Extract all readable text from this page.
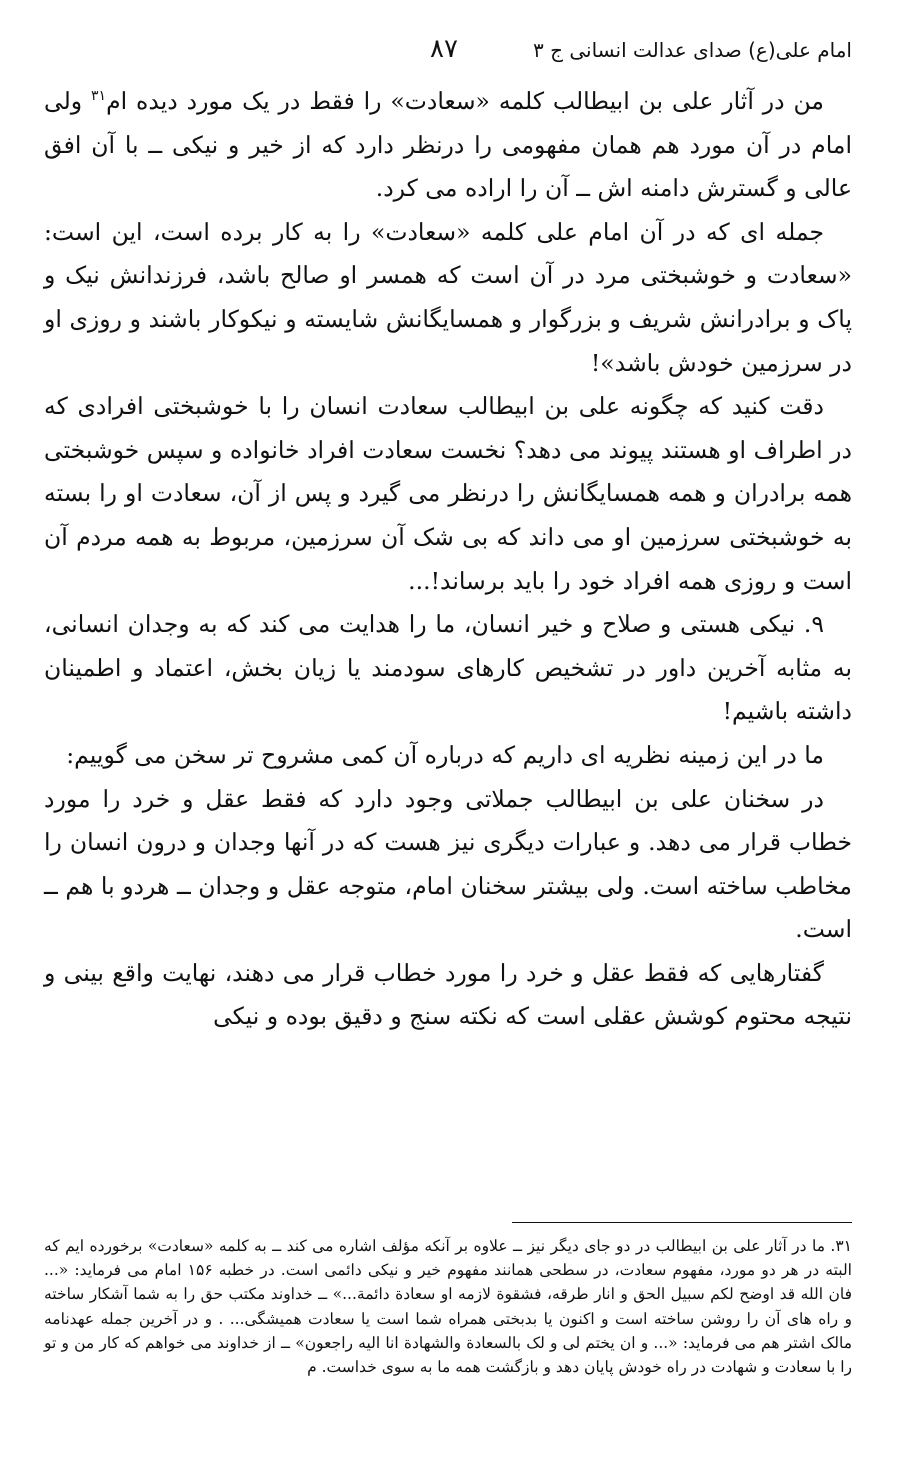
امام علی(ع) صدای عدالت انسانی ج ۳
۸۷

من در آثار علی بن ابیطالب کلمه «سعادت» را فقط در یک مورد دیده ام$^{۳۱}$ ولی امام در آن مورد هم همان مفهومی را درنظر دارد که از خیر و نیکی ــ با آن افق عالی و گسترش دامنه اش ــ آن را اراده می کرد.

جمله ای که در آن امام علی کلمه «سعادت» را به کار برده است، این است: «سعادت و خوشبختی مرد در آن است که همسر او صالح باشد، فرزندانش نیک و پاک و برادرانش شریف و بزرگوار و همسایگانش شایسته و نیکوکار باشند و روزی او در سرزمین خودش باشد»!

دقت کنید که چگونه علی بن ابیطالب سعادت انسان را با خوشبختی افرادی که در اطراف او هستند پیوند می دهد؟ نخست سعادت افراد خانواده و سپس خوشبختی همه برادران و همه همسایگانش را درنظر می گیرد و پس از آن، سعادت او را بسته به خوشبختی سرزمین او می داند که بی شک آن سرزمین، مربوط به همه مردم آن است و روزی همه افراد خود را باید برساند!...

۹. نیکی هستی و صلاح و خیر انسان، ما را هدایت می کند که به وجدان انسانی، به مثابه آخرین داور در تشخیص کارهای سودمند یا زیان بخش، اعتماد و اطمینان داشته باشیم!

ما در این زمینه نظریه ای داریم که درباره آن کمی مشروح تر سخن می گوییم:

در سخنان علی بن ابیطالب جملاتی وجود دارد که فقط عقل و خرد را مورد خطاب قرار می دهد. و عبارات دیگری نیز هست که در آنها وجدان و درون انسان را مخاطب ساخته است. ولی بیشتر سخنان امام، متوجه عقل و وجدان ــ هردو با هم ــ است.

گفتارهایی که فقط عقل و خرد را مورد خطاب قرار می دهند، نهایت واقع بینی و نتیجه محتوم کوشش عقلی است که نکته سنج و دقیق بوده و نیکی

۳۱. ما در آثار علی بن ابیطالب در دو جای دیگر نیز ــ علاوه بر آنکه مؤلف اشاره می کند ــ به کلمه «سعادت» برخورده ایم که البته در هر دو مورد، مفهوم سعادت، در سطحی همانند مفهوم خیر و نیکی دائمی است. در خطبه ۱۵۶ امام می فرماید: «... فان الله قد اوضح لکم سبیل الحق و انار طرقه، فشقوة لازمه او سعادة دائمة...» ــ خداوند مکتب حق را به شما آشکار ساخته و راه های آن را روشن ساخته است و اکنون یا بدبختی همراه شما است یا سعادت همیشگی... . و در آخرین جمله عهدنامه مالک اشتر هم می فرماید: «... و ان یختم لی و لک بالسعادة والشهادة انا الیه راجعون» ــ از خداوند می خواهم که کار من و تو را با سعادت و شهادت در راه خودش پایان دهد و بازگشت همه ما به سوی خداست. م
